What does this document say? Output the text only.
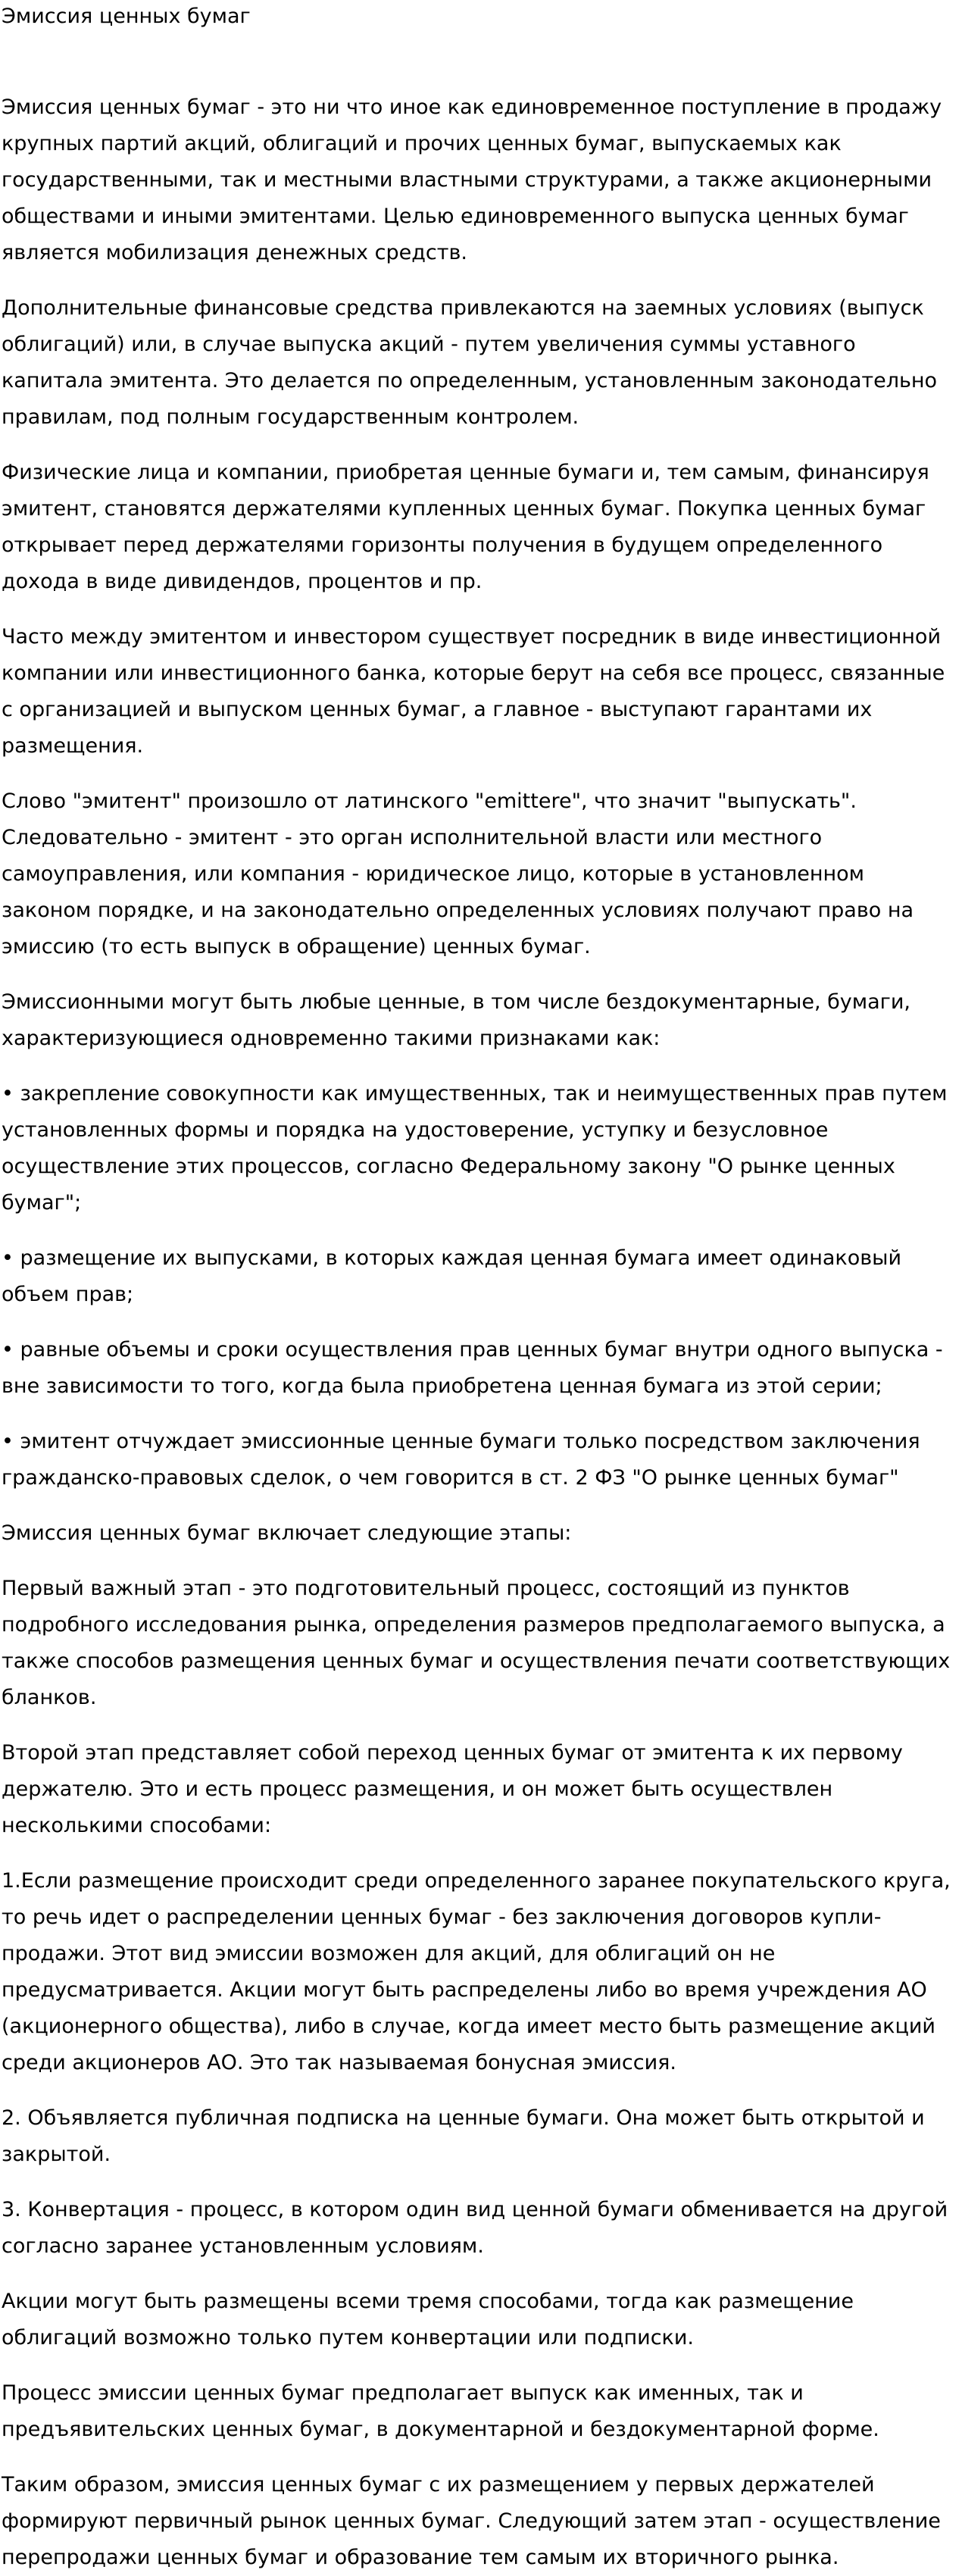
Эмиссия ценных бумаг

Эмиссия ценных бумаг - это ни что иное как единовременное поступление в продажу крупных партий акций, облигаций и прочих ценных бумаг, выпускаемых как государственными, так и местными властными структурами, а также акционерными обществами и иными эмитентами. Целью единовременного выпуска ценных бумаг является мобилизация денежных средств.

Дополнительные финансовые средства привлекаются на заемных условиях (выпуск облигаций) или, в случае выпуска акций - путем увеличения суммы уставного капитала эмитента. Это делается по определенным, установленным законодательно правилам, под полным государственным контролем.

Физические лица и компании, приобретая ценные бумаги и, тем самым, финансируя эмитент, становятся держателями купленных ценных бумаг. Покупка ценных бумаг открывает перед держателями горизонты получения в будущем определенного дохода в виде дивидендов, процентов и пр.

Часто между эмитентом и инвестором существует посредник в виде инвестиционной компании или инвестиционного банка, которые берут на себя все процесс, связанные с организацией и выпуском ценных бумаг, а главное - выступают гарантами их размещения.

Слово "эмитент" произошло от латинского "emittere", что значит "выпускать". Следовательно - эмитент - это орган исполнительной власти или местного самоуправления, или компания - юридическое лицо, которые в установленном законом порядке, и на законодательно определенных условиях получают право на эмиссию (то есть выпуск в обращение) ценных бумаг.

Эмиссионными могут быть любые ценные, в том числе бездокументарные, бумаги, характеризующиеся одновременно такими признаками как:

• закрепление совокупности как имущественных, так и неимущественных прав путем установленных формы и порядка на удостоверение, уступку и безусловное осуществление этих процессов, согласно Федеральному закону "О рынке ценных бумаг";

• размещение их выпусками, в которых каждая ценная бумага имеет одинаковый объем прав;

• равные объемы и сроки осуществления прав ценных бумаг внутри одного выпуска - вне зависимости то того, когда была приобретена ценная бумага из этой серии;

• эмитент отчуждает эмиссионные ценные бумаги только посредством заключения гражданско-правовых сделок, о чем говорится в ст. 2 ФЗ "О рынке ценных бумаг"

Эмиссия ценных бумаг включает следующие этапы:

Первый важный этап - это подготовительный процесс, состоящий из пунктов подробного исследования рынка, определения размеров предполагаемого выпуска, а также способов размещения ценных бумаг и осуществления печати соответствующих бланков.

Второй этап представляет собой переход ценных бумаг от эмитента к их первому держателю. Это и есть процесс размещения, и он может быть осуществлен несколькими способами:

1.Если размещение происходит среди определенного заранее покупательского круга, то речь идет о распределении ценных бумаг - без заключения договоров купли-продажи. Этот вид эмиссии возможен для акций, для облигаций он не предусматривается. Акции могут быть распределены либо во время учреждения АО (акционерного общества), либо в случае, когда имеет место быть размещение акций среди акционеров АО. Это так называемая бонусная эмиссия.

2. Объявляется публичная подписка на ценные бумаги. Она может быть открытой и закрытой.

3. Конвертация - процесс, в котором один вид ценной бумаги обменивается на другой согласно заранее установленным условиям.

Акции могут быть размещены всеми тремя способами, тогда как размещение облигаций возможно только путем конвертации или подписки.

Процесс эмиссии ценных бумаг предполагает выпуск как именных, так и предъявительских ценных бумаг, в документарной и бездокументарной форме.

Таким образом, эмиссия ценных бумаг с их размещением у первых держателей формируют первичный рынок ценных бумаг. Следующий затем этап - осуществление перепродажи ценных бумаг и образование тем самым их вторичного рынка.
